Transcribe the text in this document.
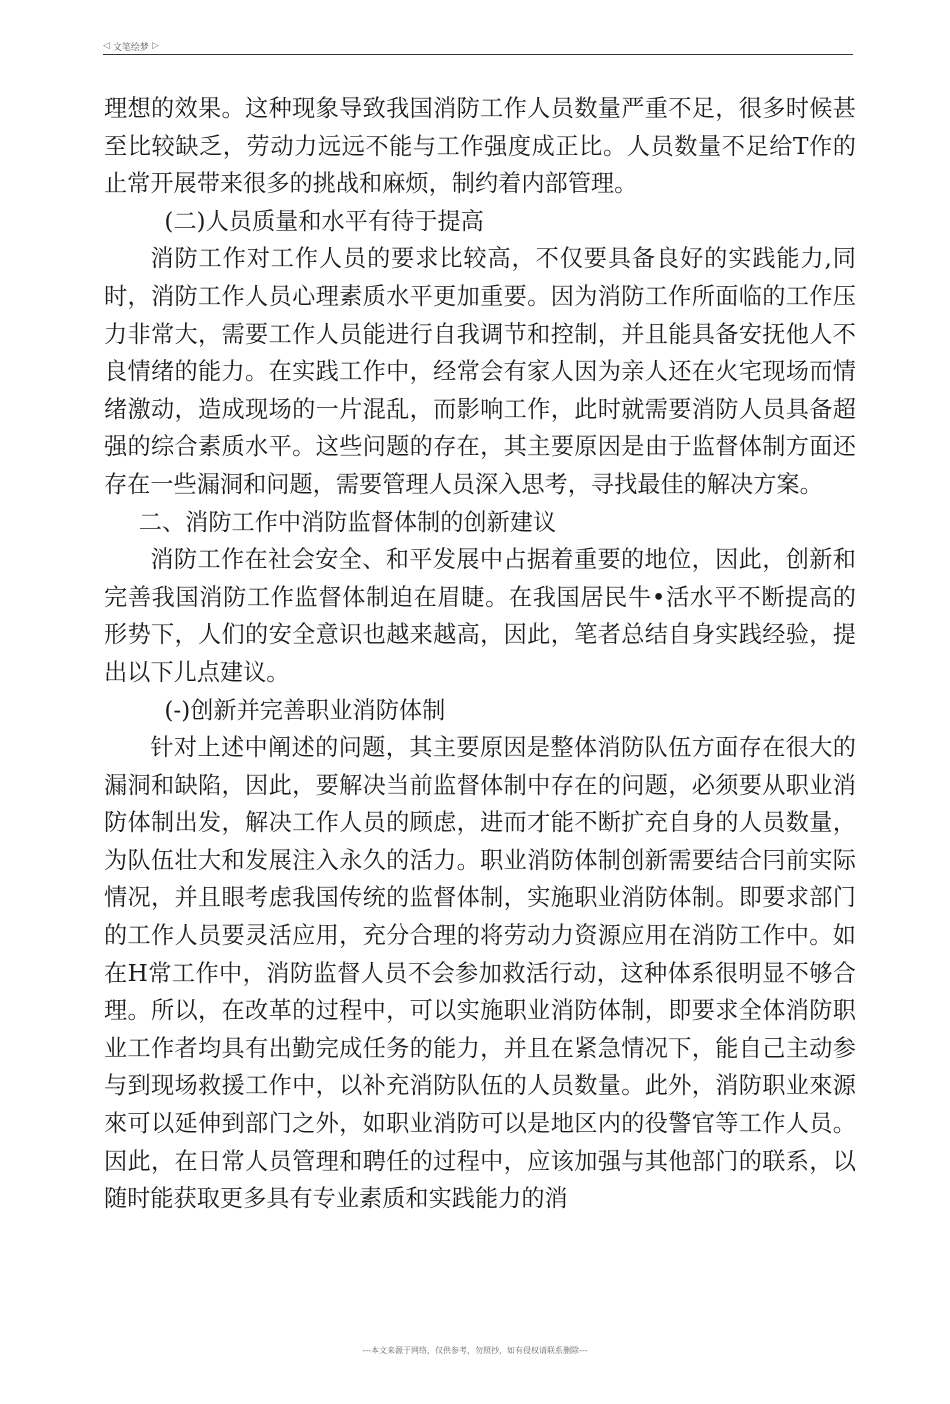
◁ 文笔绘梦 ▷

理想的效果。这种现象导致我国消防工作人员数量严重不足，很多时候甚至比较缺乏，劳动力远远不能与工作强度成正比。人员数量不足给T作的止常开展带来很多的挑战和麻烦，制约着内部管理。

(二)人员质量和水平有待于提高

消防工作对工作人员的要求比较高，不仅要具备良好的实践能力,同时，消防工作人员心理素质水平更加重要。因为消防工作所面临的工作压力非常大，需要工作人员能进行自我调节和控制，并且能具备安抚他人不良情绪的能力。在实践工作中，经常会有家人因为亲人还在火宅现场而情绪激动，造成现场的一片混乱，而影响工作，此时就需要消防人员具备超强的综合素质水平。这些问题的存在，其主要原因是由于监督体制方面还存在一些漏洞和问题，需要管理人员深入思考，寻找最佳的解决方案。

二、消防工作中消防监督体制的创新建议

消防工作在社会安全、和平发展中占据着重要的地位，因此，创新和完善我国消防工作监督体制迫在眉睫。在我国居民牛•活水平不断提高的形势下，人们的安全意识也越来越高，因此，笔者总结自身实践经验，提出以下儿点建议。

(-)创新并完善职业消防体制

针对上述中阐述的问题，其主要原因是整体消防队伍方面存在很大的漏洞和缺陷，因此，要解决当前监督体制中存在的问题，必须要从职业消防体制出发，解决工作人员的顾虑，进而才能不断扩充自身的人员数量，为队伍壮大和发展注入永久的活力。职业消防体制创新需要结合冃前实际情况，并且眼考虑我国传统的监督体制，实施职业消防体制。即要求部门的工作人员要灵活应用，充分合理的将劳动力资源应用在消防工作中。如在H常工作中，消防监督人员不会参加救活行动，这种体系很明显不够合理。所以，在改革的过程中，可以实施职业消防体制，即要求全体消防职业工作者均具有出勤完成任务的能力，并且在紧急情况下，能自己主动参与到现场救援工作中，以补充消防队伍的人员数量。此外，消防职业來源來可以延伸到部门之外，如职业消防可以是地区内的役警官等工作人员。因此，在日常人员管理和聘任的过程中，应该加强与其他部门的联系，以随时能获取更多具有专业素质和实践能力的消

---本文来源于网络，仅供参考，勿照抄，如有侵权请联系删除---
